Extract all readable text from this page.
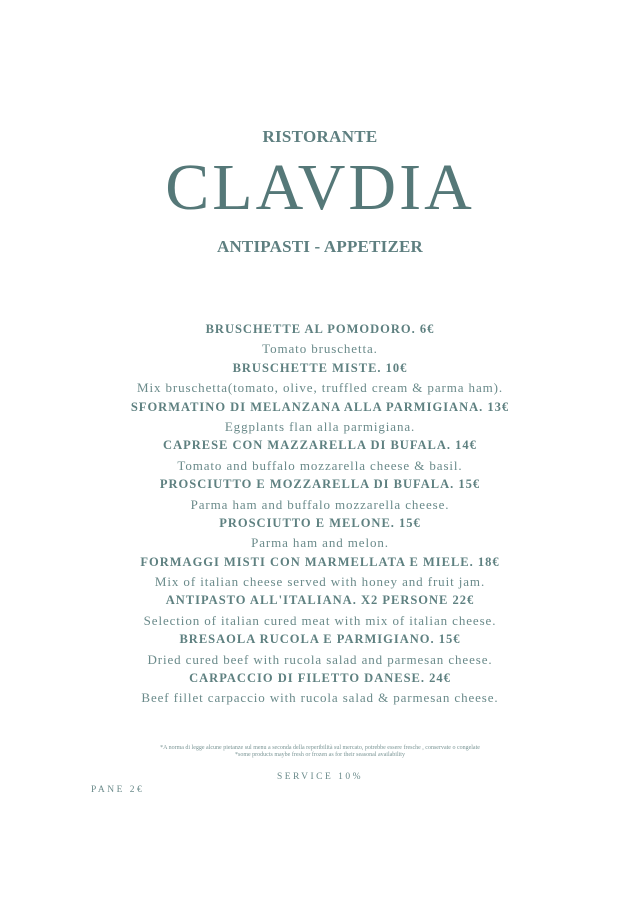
RISTORANTE
CLAVDIA
ANTIPASTI - APPETIZER
BRUSCHETTE AL POMODORO. 6€
Tomato bruschetta.
BRUSCHETTE MISTE. 10€
Mix bruschetta(tomato, olive, truffled cream & parma ham).
SFORMATINO DI MELANZANA ALLA PARMIGIANA. 13€
Eggplants flan alla parmigiana.
CAPRESE CON MAZZARELLA DI BUFALA. 14€
Tomato and buffalo mozzarella cheese & basil.
PROSCIUTTO E MOZZARELLA DI BUFALA. 15€
Parma ham and buffalo mozzarella cheese.
PROSCIUTTO E MELONE. 15€
Parma ham and melon.
FORMAGGI MISTI CON MARMELLATA E MIELE. 18€
Mix of italian cheese served with honey and fruit jam.
ANTIPASTO ALL'ITALIANA. X2 PERSONE 22€
Selection of italian cured meat with mix of italian cheese.
BRESAOLA RUCOLA E PARMIGIANO. 15€
Dried cured beef with rucola salad and parmesan cheese.
CARPACCIO DI FILETTO DANESE. 24€
Beef fillet carpaccio with rucola salad & parmesan cheese.
*A norma di legge alcune pietanze sul menu a seconda della reperibilità sul mercato, potrebbe essere fresche , conservate o congelate
*some products maybe fresh or frozen as for their seasonal availability
SERVICE 10%
PANE 2€
